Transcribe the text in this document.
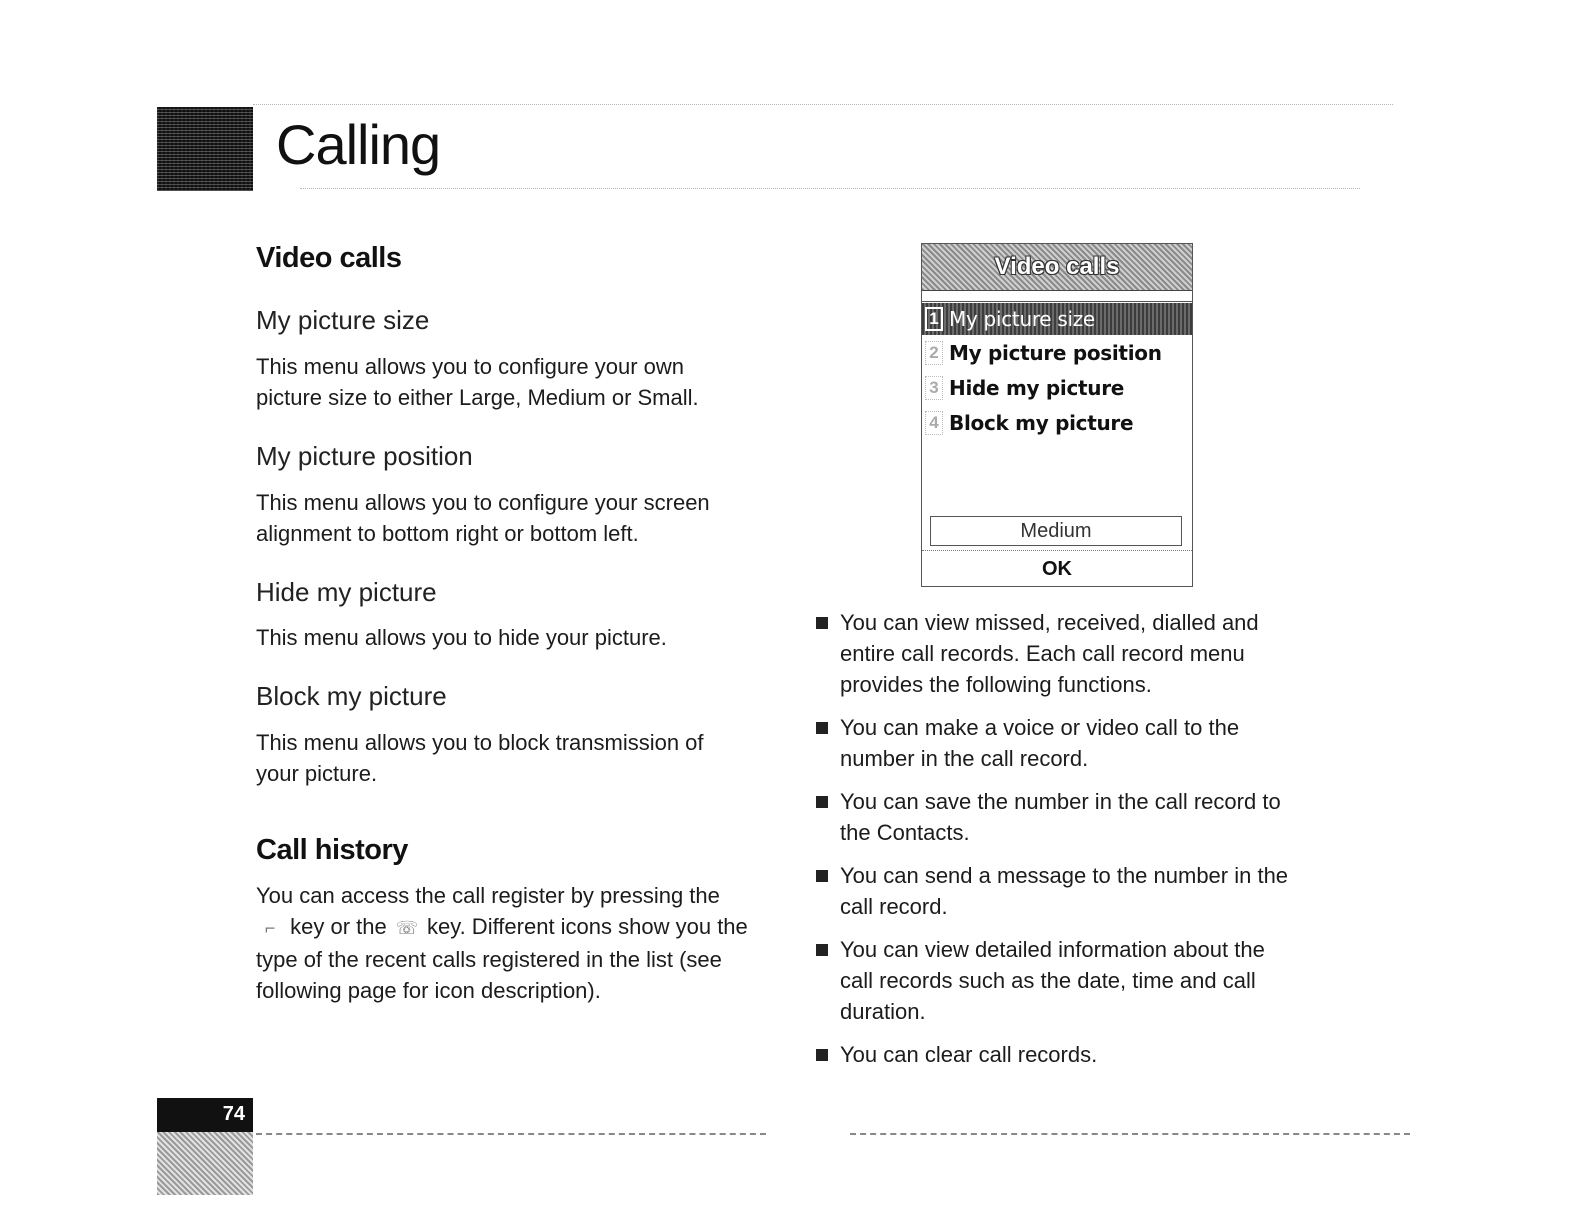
Calling
Video calls
My picture size

This menu allows you to configure your own picture size to either Large, Medium or Small.

My picture position

This menu allows you to configure your screen alignment to bottom right or bottom left.

Hide my picture

This menu allows you to hide your picture.

Block my picture

This menu allows you to block transmission of your picture.

Call history

You can access the call register by pressing the ⌐ key or the ☏ key. Different icons show you the type of the recent calls registered in the list (see following page for icon description).

Video calls
1 My picture size
2 My picture position
3 Hide my picture
4 Block my picture
Medium
OK
You can view missed, received, dialled and entire call records. Each call record menu provides the following functions.
You can make a voice or video call to the number in the call record.
You can save the number in the call record to the Contacts.
You can send a message to the number in the call record.
You can view detailed information about the call records such as the date, time and call duration.
You can clear call records.
74
